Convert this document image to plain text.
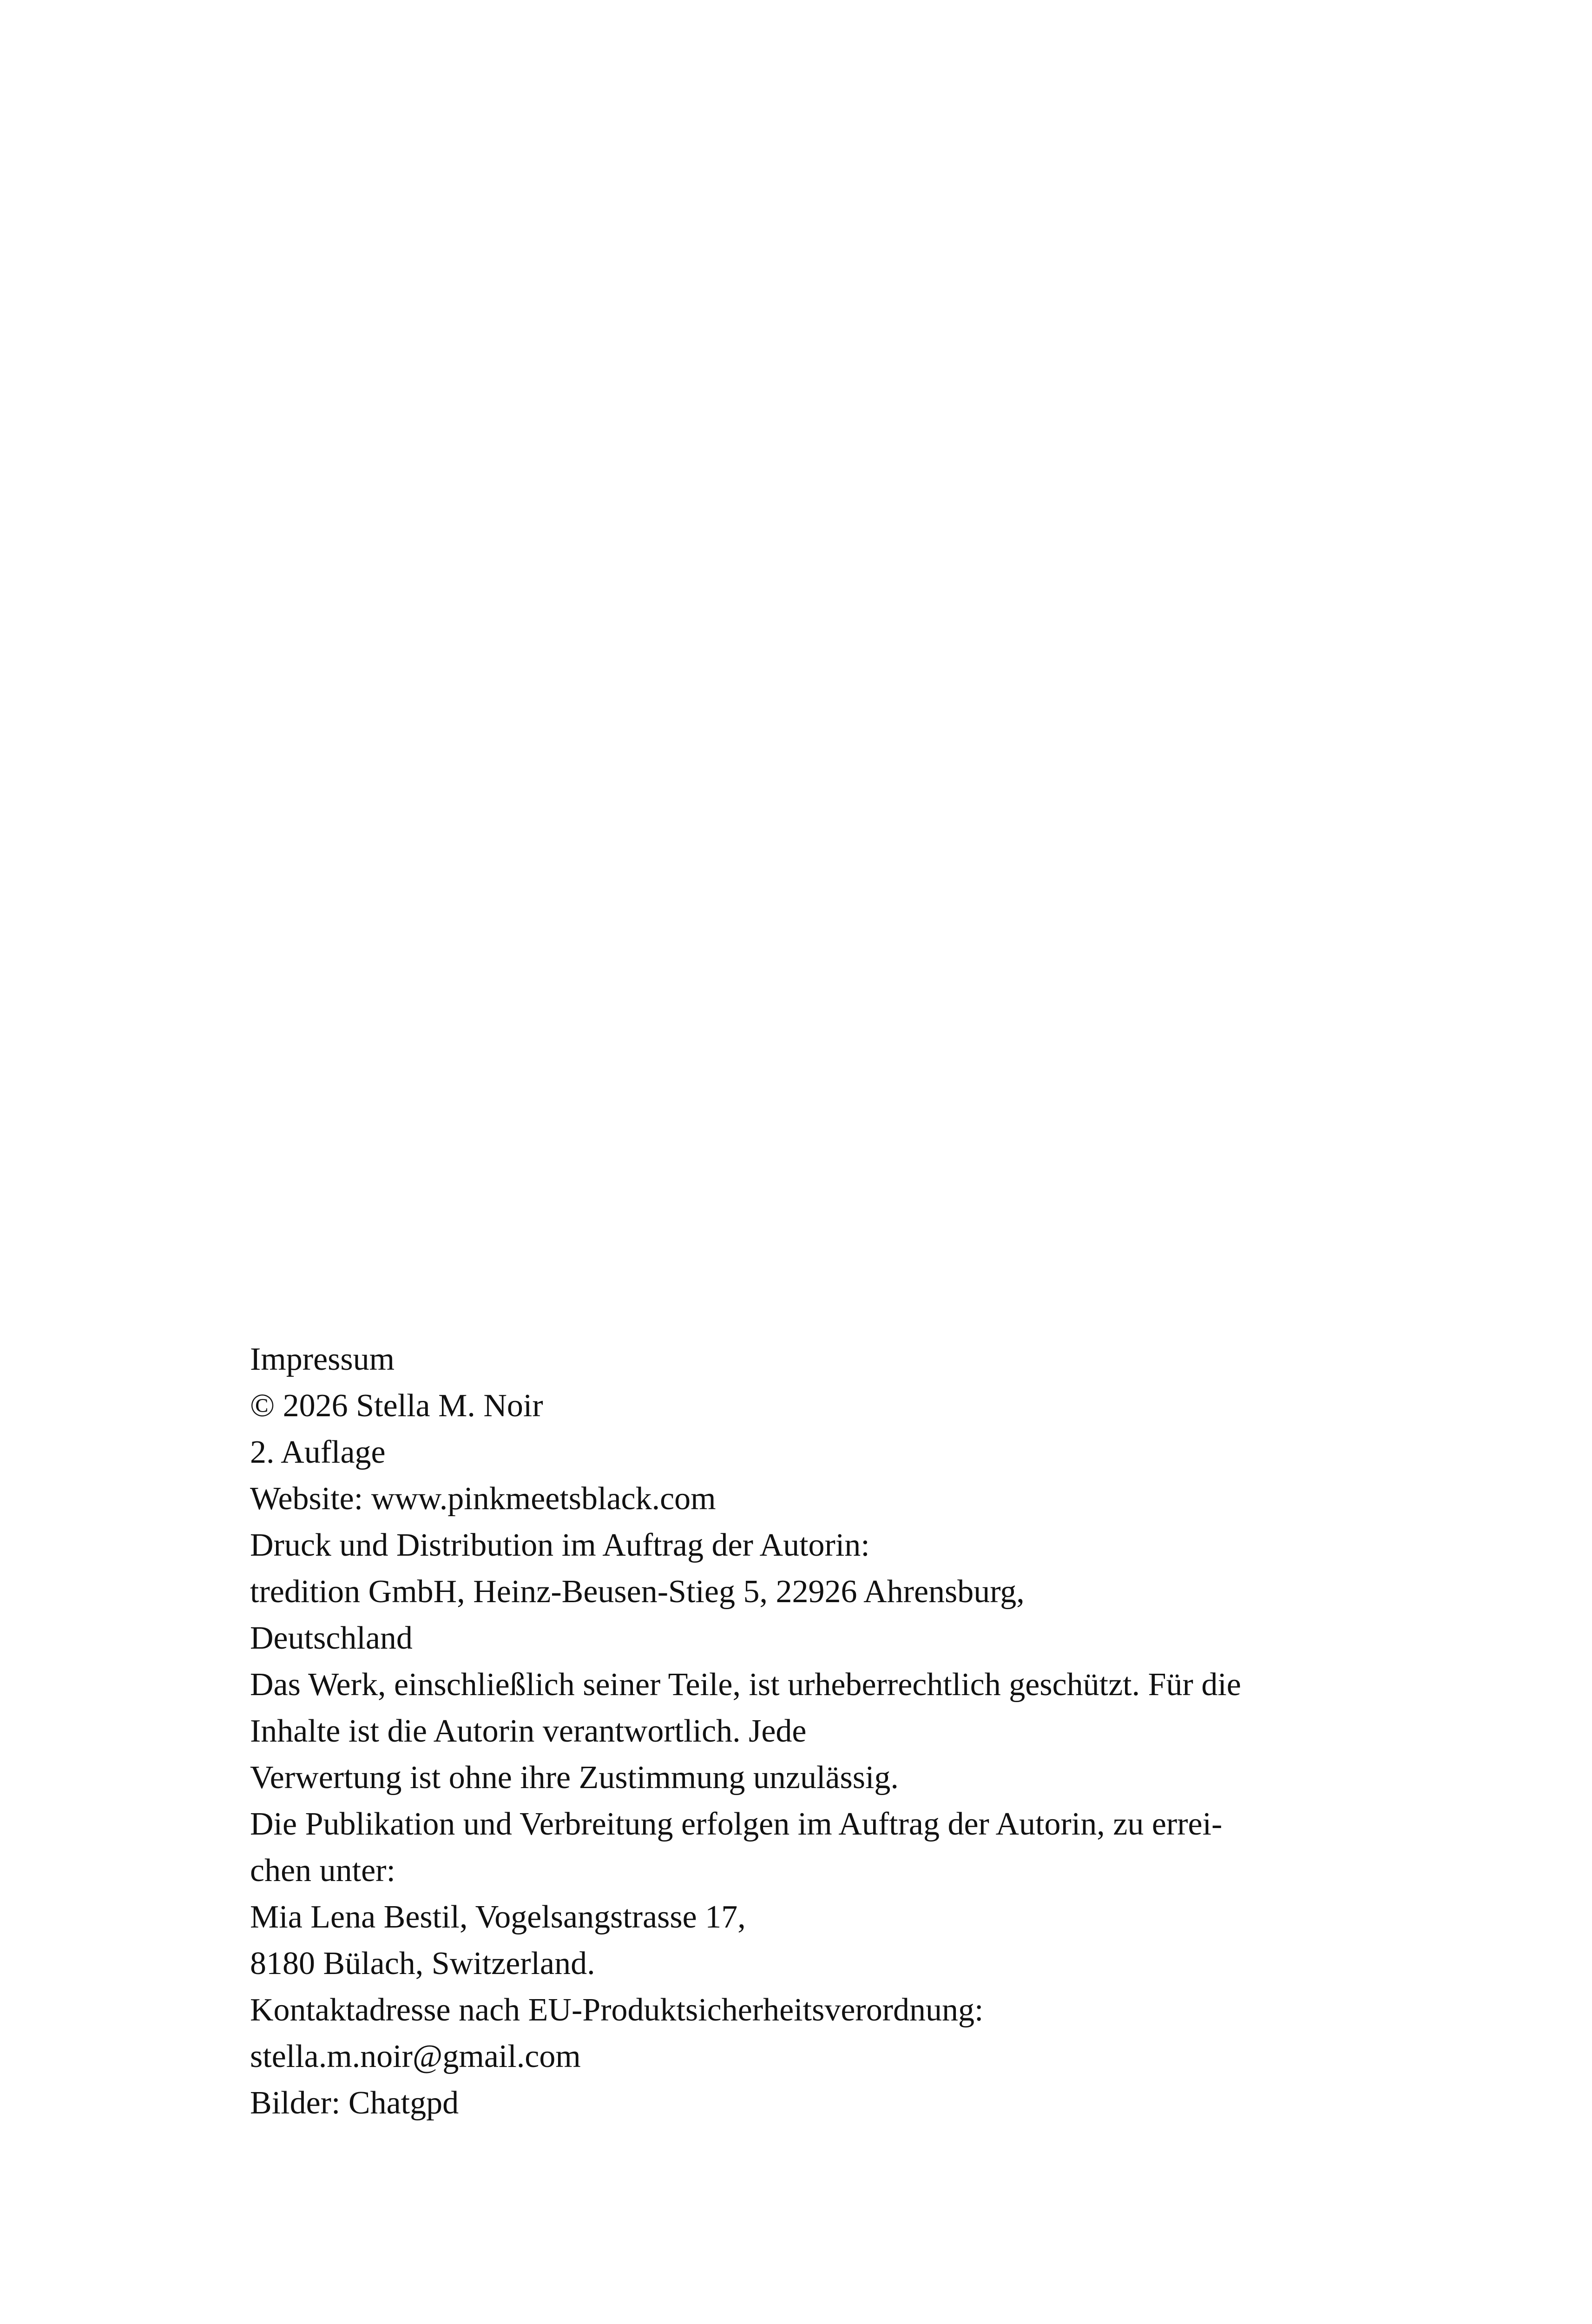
Impressum
© 2026 Stella M. Noir
2. Auflage
Website: www.pinkmeetsblack.com
Druck und Distribution im Auftrag der Autorin:
tredition GmbH, Heinz-Beusen-Stieg 5, 22926 Ahrensburg,
Deutschland
Das Werk, einschließlich seiner Teile, ist urheberrechtlich geschützt. Für die
Inhalte ist die Autorin verantwortlich. Jede
Verwertung ist ohne ihre Zustimmung unzulässig.
Die Publikation und Verbreitung erfolgen im Auftrag der Autorin, zu errei-
chen unter:
Mia Lena Bestil, Vogelsangstrasse 17,
8180 Bülach, Switzerland.
Kontaktadresse nach EU-Produktsicherheitsverordnung:
stella.m.noir@gmail.com
Bilder: Chatgpd
